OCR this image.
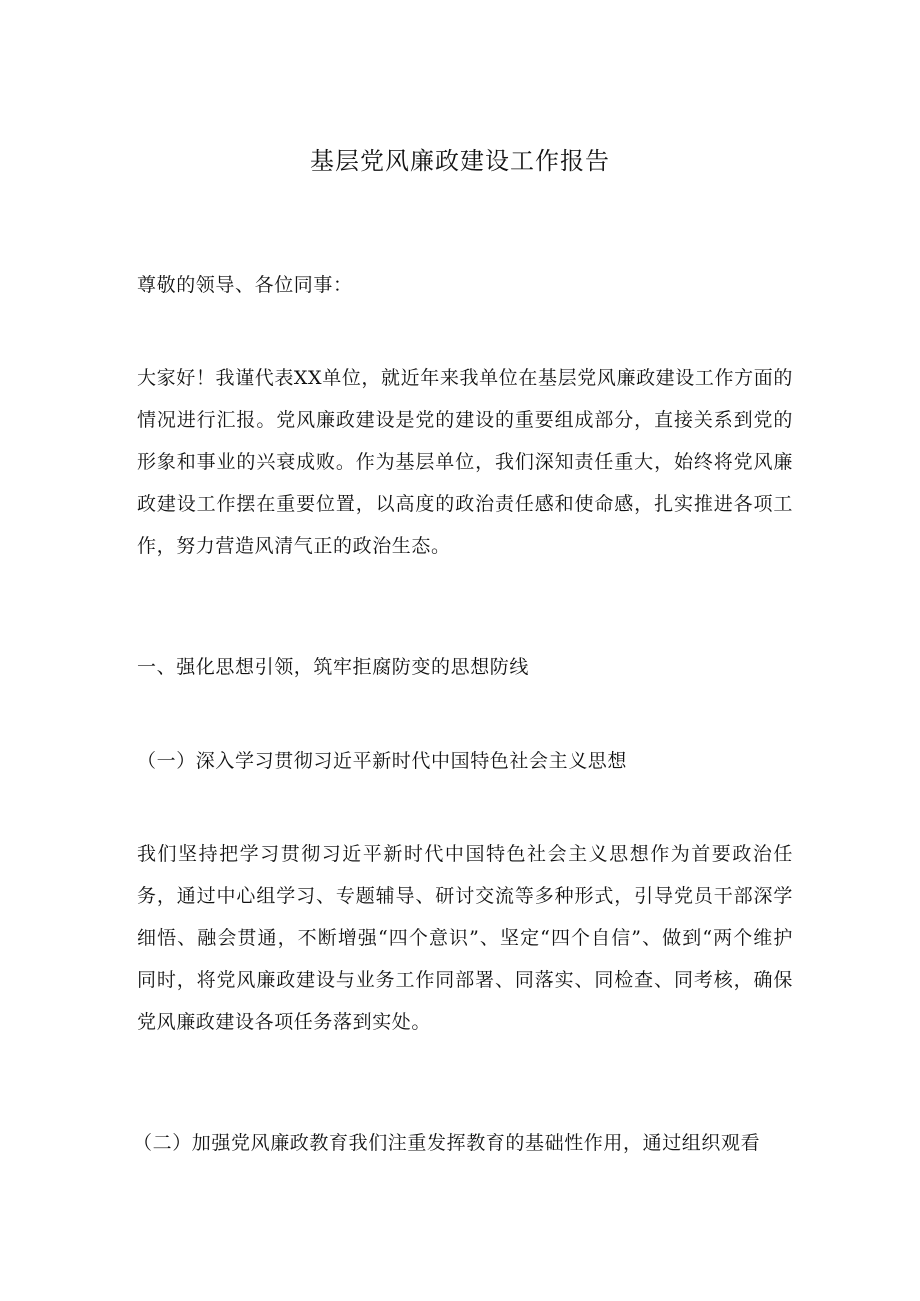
基层党风廉政建设工作报告

尊敬的领导、各位同事：

大家好！我谨代表XX单位，就近年来我单位在基层党风廉政建设工作方面的情况进行汇报。党风廉政建设是党的建设的重要组成部分，直接关系到党的形象和事业的兴衰成败。作为基层单位，我们深知责任重大，始终将党风廉政建设工作摆在重要位置，以高度的政治责任感和使命感，扎实推进各项工作，努力营造风清气正的政治生态。

一、强化思想引领，筑牢拒腐防变的思想防线

（一）深入学习贯彻习近平新时代中国特色社会主义思想

我们坚持把学习贯彻习近平新时代中国特色社会主义思想作为首要政治任务，通过中心组学习、专题辅导、研讨交流等多种形式，引导党员干部深学细悟、融会贯通，不断增强“四个意识”、坚定“四个自信”、做到“两个维护同时，将党风廉政建设与业务工作同部署、同落实、同检查、同考核，确保党风廉政建设各项任务落到实处。

（二）加强党风廉政教育我们注重发挥教育的基础性作用，通过组织观看
